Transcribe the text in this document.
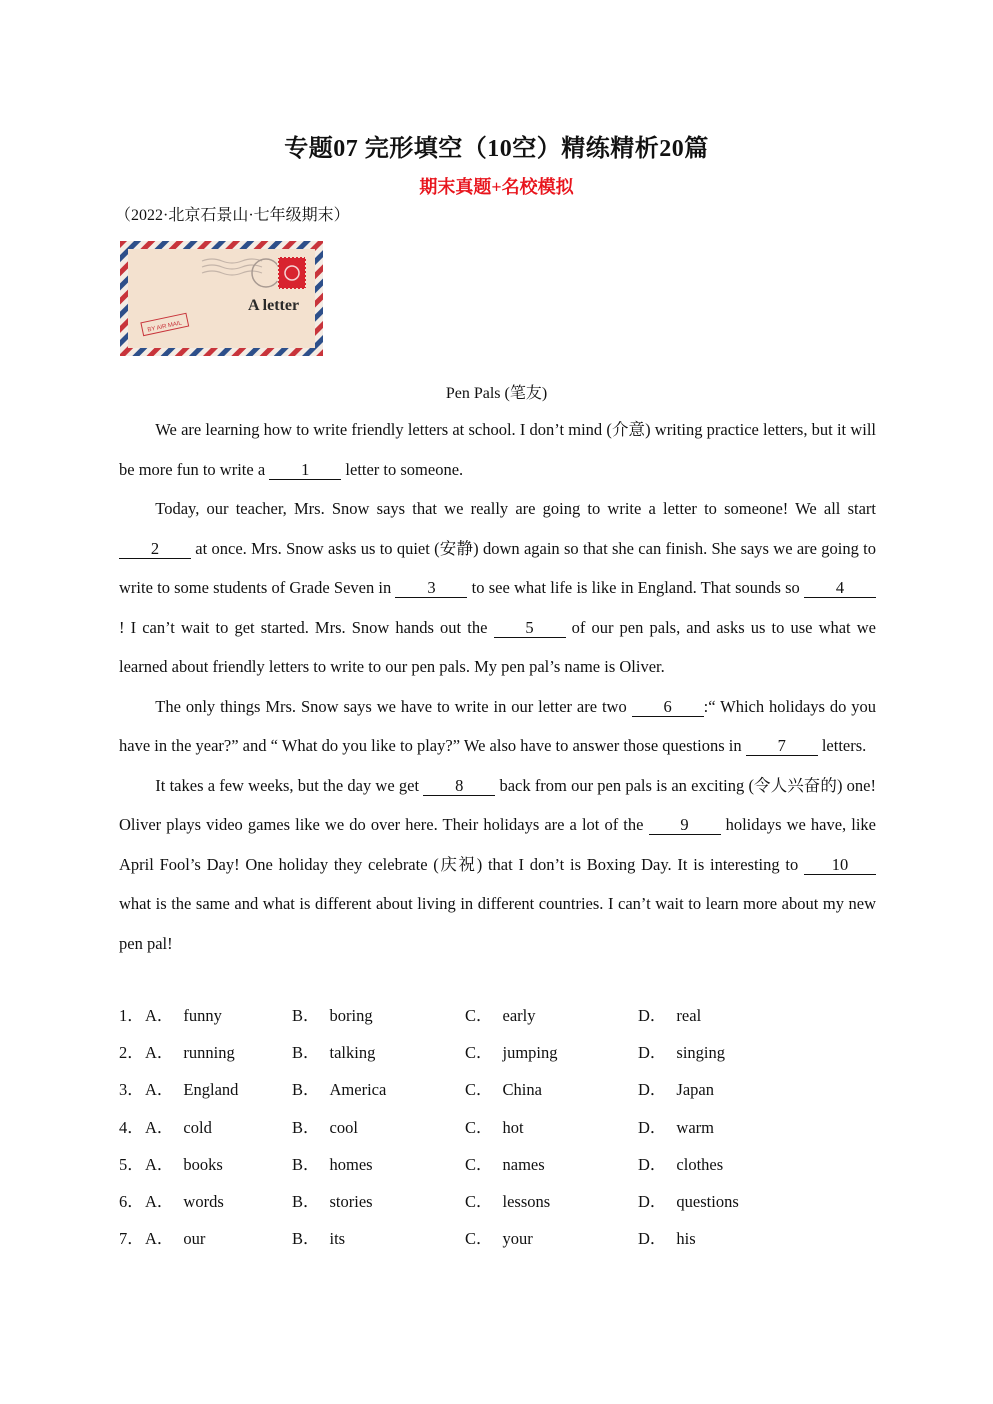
专题07 完形填空（10空）精练精析20篇
期末真题+名校模拟
（2022·北京石景山·七年级期末）
A letter
BY AIR MAIL
Pen Pals (笔友)

We are learning how to write friendly letters at school. I don’t mind (介意) writing practice letters, but it will be more fun to write a 1 letter to someone.

Today, our teacher, Mrs. Snow says that we really are going to write a letter to someone! We all start 2 at once. Mrs. Snow asks us to quiet (安静) down again so that she can finish. She says we are going to write to some students of Grade Seven in 3 to see what life is like in England. That sounds so 4! I can’t wait to get started. Mrs. Snow hands out the 5 of our pen pals, and asks us to use what we learned about friendly letters to write to our pen pals. My pen pal’s name is Oliver.

The only things Mrs. Snow says we have to write in our letter are two 6 :“ Which holidays do you have in the year?” and “ What do you like to play?” We also have to answer those questions in 7 letters.

It takes a few weeks, but the day we get 8 back from our pen pals is an exciting (令人兴奋的) one! Oliver plays video games like we do over here. Their holidays are a lot of the 9 holidays we have, like April Fool’s Day! One holiday they celebrate (庆祝) that I don’t is Boxing Day. It is interesting to 10 what is the same and what is different about living in different countries. I can’t wait to learn more about my new pen pal!

1． A． funny	B． boring	C． early	D． real
2． A． running	B． talking	C． jumping	D． singing
3． A． England	B． America	C． China	D． Japan
4． A． cold	B． cool	C． hot	D． warm
5． A． books	B． homes	C． names	D． clothes
6． A． words	B． stories	C． lessons	D． questions
7． A． our	B． its	C． your	D． his
